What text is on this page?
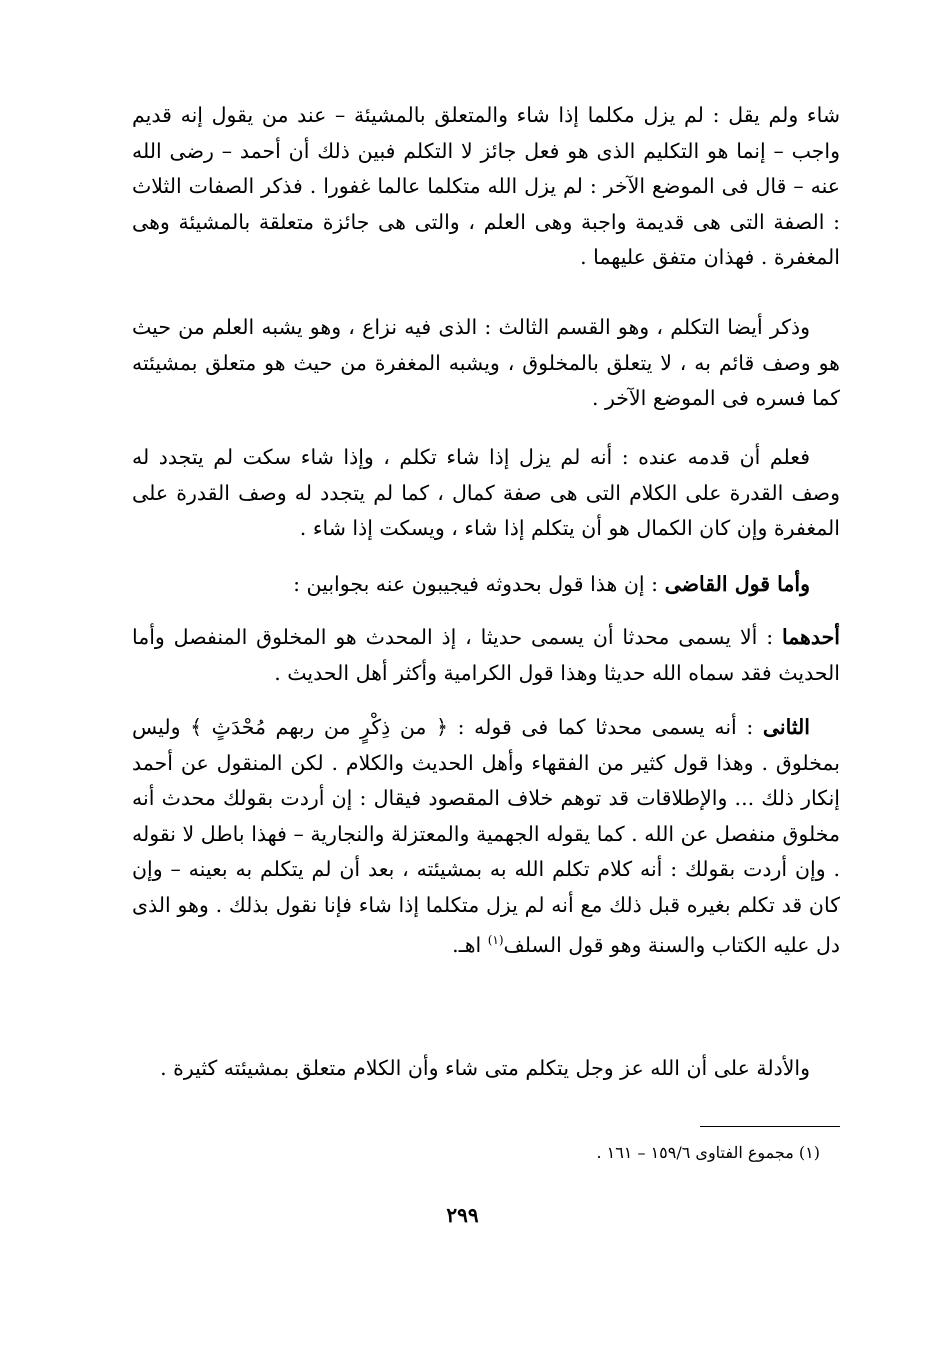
شاء ولم يقل : لم يزل مكلما إذا شاء والمتعلق بالمشيئة – عند من يقول إنه قديم واجب – إنما هو التكليم الذى هو فعل جائز لا التكلم فبين ذلك أن أحمد – رضى الله عنه – قال فى الموضع الآخر : لم يزل الله متكلما عالما غفورا . فذكر الصفات الثلاث : الصفة التى هى قديمة واجبة وهى العلم ، والتى هى جائزة متعلقة بالمشيئة وهى المغفرة . فهذان متفق عليهما .

وذكر أيضا التكلم ، وهو القسم الثالث : الذى فيه نزاع ، وهو يشبه العلم من حيث هو وصف قائم به ، لا يتعلق بالمخلوق ، ويشبه المغفرة من حيث هو متعلق بمشيئته كما فسره فى الموضع الآخر .

فعلم أن قدمه عنده : أنه لم يزل إذا شاء تكلم ، وإذا شاء سكت لم يتجدد له وصف القدرة على الكلام التى هى صفة كمال ، كما لم يتجدد له وصف القدرة على المغفرة وإن كان الكمال هو أن يتكلم إذا شاء ، ويسكت إذا شاء .

وأما قول القاضى : إن هذا قول بحدوثه فيجيبون عنه بجوابين :

أحدهما : ألا يسمى محدثا أن يسمى حديثا ، إذ المحدث هو المخلوق المنفصل وأما الحديث فقد سماه الله حديثا وهذا قول الكرامية وأكثر أهل الحديث .

الثانى : أنه يسمى محدثا كما فى قوله : ﴿ من ذِكْرٍ من ربهم مُحْدَثٍ ﴾ وليس بمخلوق . وهذا قول كثير من الفقهاء وأهل الحديث والكلام . لكن المنقول عن أحمد إنكار ذلك ... والإطلاقات قد توهم خلاف المقصود فيقال : إن أردت بقولك محدث أنه مخلوق منفصل عن الله . كما يقوله الجهمية والمعتزلة والنجارية – فهذا باطل لا نقوله . وإن أردت بقولك : أنه كلام تكلم الله به بمشيئته ، بعد أن لم يتكلم به بعينه – وإن كان قد تكلم بغيره قبل ذلك مع أنه لم يزل متكلما إذا شاء فإنا نقول بذلك . وهو الذى دل عليه الكتاب والسنة وهو قول السلف$^{(١)}$ اهـ.

والأدلة على أن الله عز وجل يتكلم متى شاء وأن الكلام متعلق بمشيئته كثيرة .

(١) مجموع الفتاوى ١٥٩/٦ – ١٦١ .
٢٩٩
